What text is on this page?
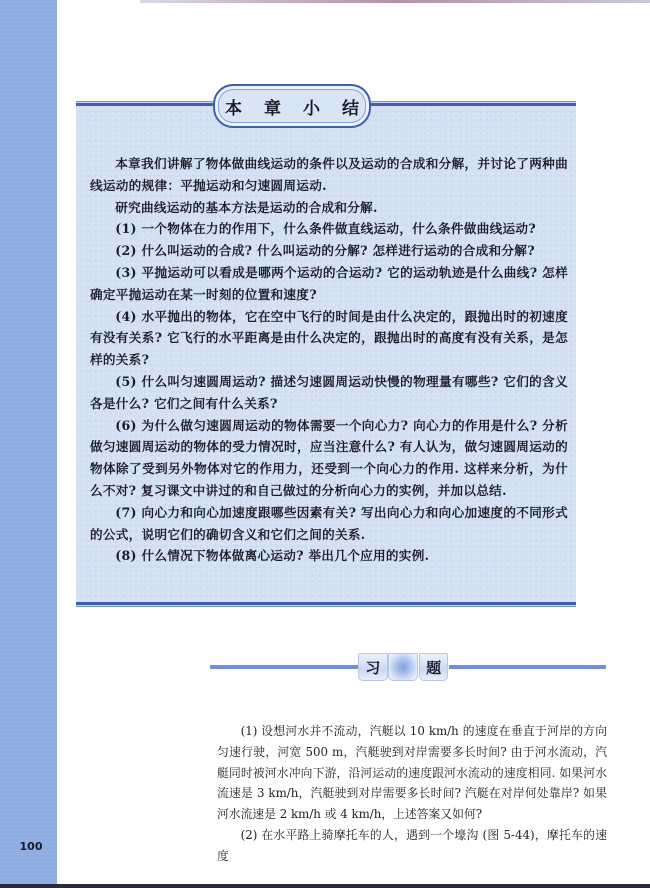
100
本章小结

本章我们讲解了物体做曲线运动的条件以及运动的合成和分解，并讨论了两种曲线运动的规律：平抛运动和匀速圆周运动.

研究曲线运动的基本方法是运动的合成和分解.

(1) 一个物体在力的作用下，什么条件做直线运动，什么条件做曲线运动?

(2) 什么叫运动的合成? 什么叫运动的分解? 怎样进行运动的合成和分解?

(3) 平抛运动可以看成是哪两个运动的合运动? 它的运动轨迹是什么曲线? 怎样确定平抛运动在某一时刻的位置和速度?

(4) 水平抛出的物体，它在空中飞行的时间是由什么决定的，跟抛出时的初速度有没有关系? 它飞行的水平距离是由什么决定的，跟抛出时的高度有没有关系，是怎样的关系?

(5) 什么叫匀速圆周运动? 描述匀速圆周运动快慢的物理量有哪些? 它们的含义各是什么? 它们之间有什么关系?

(6) 为什么做匀速圆周运动的物体需要一个向心力? 向心力的作用是什么? 分析做匀速圆周运动的物体的受力情况时，应当注意什么? 有人认为，做匀速圆周运动的物体除了受到另外物体对它的作用力，还受到一个向心力的作用. 这样来分析，为什么不对? 复习课文中讲过的和自己做过的分析向心力的实例，并加以总结.

(7) 向心力和向心加速度跟哪些因素有关? 写出向心力和向心加速度的不同形式的公式，说明它们的确切含义和它们之间的关系.

(8) 什么情况下物体做离心运动? 举出几个应用的实例.

习	题

(1) 设想河水并不流动，汽艇以 10 km/h 的速度在垂直于河岸的方向匀速行驶，河宽 500 m，汽艇驶到对岸需要多长时间? 由于河水流动，汽艇同时被河水冲向下游，沿河运动的速度跟河水流动的速度相同. 如果河水流速是 3 km/h，汽艇驶到对岸需要多长时间? 汽艇在对岸何处靠岸? 如果河水流速是 2 km/h 或 4 km/h，上述答案又如何?

(2) 在水平路上骑摩托车的人，遇到一个壕沟 (图 5-44)，摩托车的速度
